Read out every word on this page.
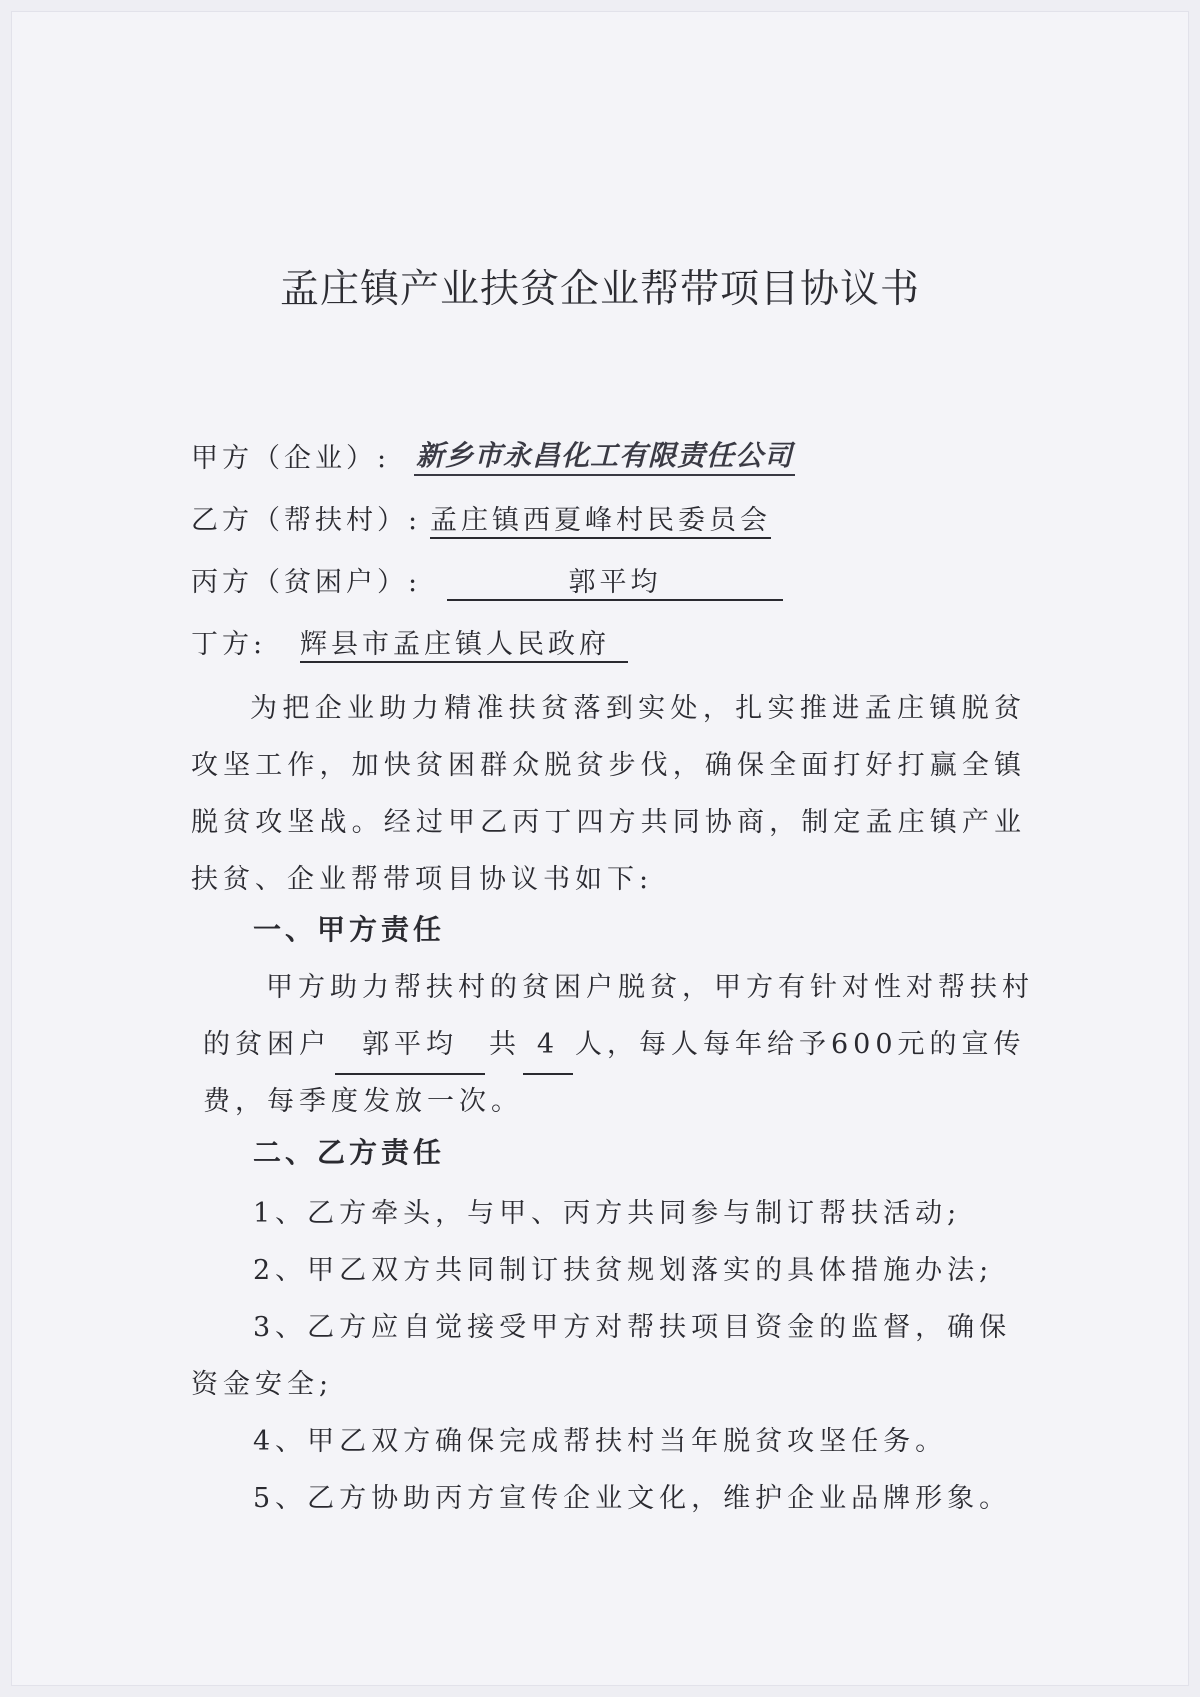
孟庄镇产业扶贫企业帮带项目协议书
甲方（企业）: 新乡市永昌化工有限责任公司
乙方（帮扶村）: 孟庄镇西夏峰村民委员会
丙方（贫困户）:	郭平均
丁方: 辉县市孟庄镇人民政府
为把企业助力精准扶贫落到实处，扎实推进孟庄镇脱贫攻坚工作，加快贫困群众脱贫步伐，确保全面打好打赢全镇脱贫攻坚战。经过甲乙丙丁四方共同协商，制定孟庄镇产业扶贫、企业帮带项目协议书如下:
一、甲方责任
甲方助力帮扶村的贫困户脱贫，甲方有针对性对帮扶村
的贫困户 郭平均 共 4 人，每人每年给予600元的宣传
费，每季度发放一次。
二、乙方责任
1、乙方牵头，与甲、丙方共同参与制订帮扶活动;
2、甲乙双方共同制订扶贫规划落实的具体措施办法;
3、乙方应自觉接受甲方对帮扶项目资金的监督，确保
资金安全;
4、甲乙双方确保完成帮扶村当年脱贫攻坚任务。
5、乙方协助丙方宣传企业文化，维护企业品牌形象。
